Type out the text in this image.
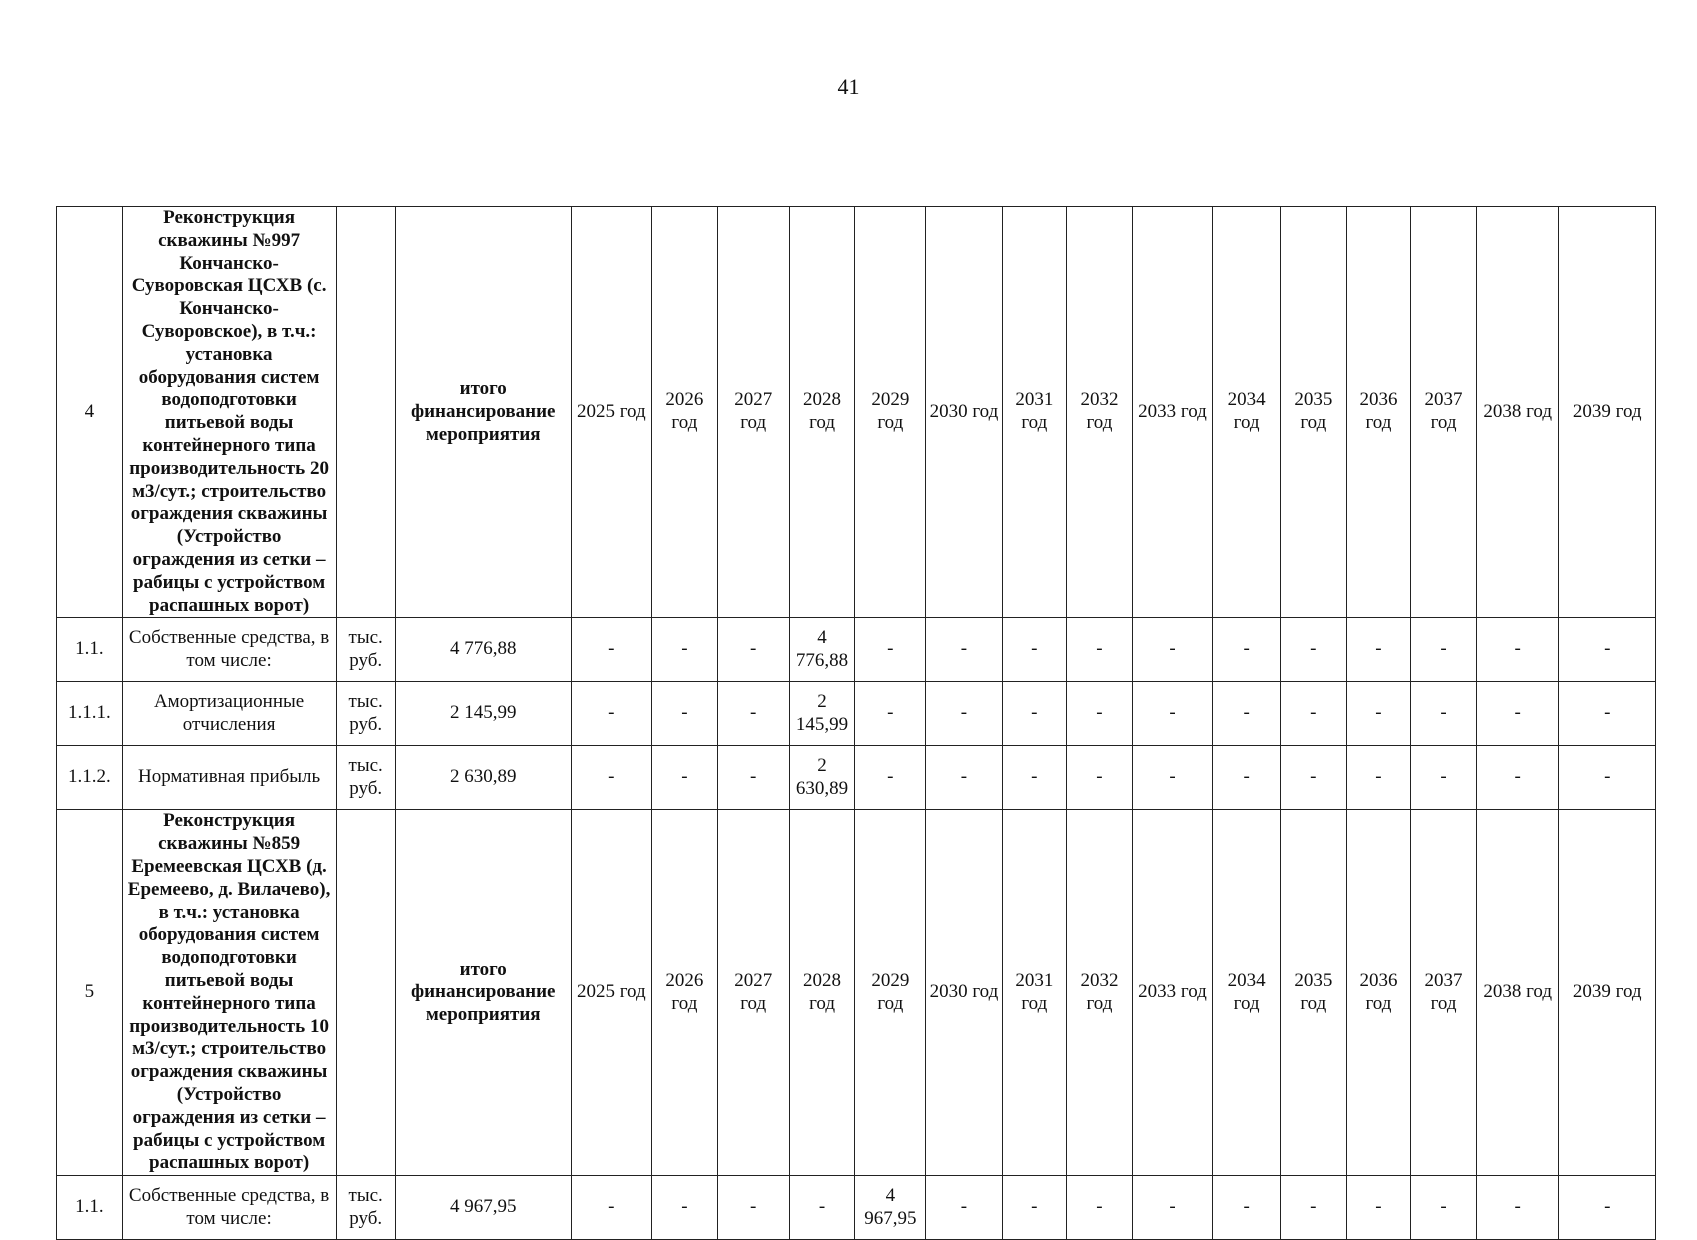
41
4	Реконструкция скважины №997 Кончанско-Суворовская ЦСХВ (с. Кончанско-Суворовское), в т.ч.: установка оборудования систем водоподготовки питьевой воды контейнерного типа производительность 20 м3/сут.; строительство ограждения скважины (Устройство ограждения из сетки – рабицы с устройством распашных ворот)		итого финансирование мероприятия	2025 год	2026 год	2027 год	2028 год	2029 год	2030 год	2031 год	2032 год	2033 год	2034 год	2035 год	2036 год	2037 год	2038 год	2039 год
1.1.	Собственные средства, в том числе:	тыс. руб.	4 776,88	-	-	-	4 776,88	-	-	-	-	-	-	-	-	-	-	-
1.1.1.	Амортизационные отчисления	тыс. руб.	2 145,99	-	-	-	2 145,99	-	-	-	-	-	-	-	-	-	-	-
1.1.2.	Нормативная прибыль	тыс. руб.	2 630,89	-	-	-	2 630,89	-	-	-	-	-	-	-	-	-	-	-
5	Реконструкция скважины №859 Еремеевская ЦСХВ (д. Еремеево, д. Вилачево), в т.ч.: установка оборудования систем водоподготовки питьевой воды контейнерного типа производительность 10 м3/сут.; строительство ограждения скважины (Устройство ограждения из сетки – рабицы с устройством распашных ворот)		итого финансирование мероприятия	2025 год	2026 год	2027 год	2028 год	2029 год	2030 год	2031 год	2032 год	2033 год	2034 год	2035 год	2036 год	2037 год	2038 год	2039 год
1.1.	Собственные средства, в том числе:	тыс. руб.	4 967,95	-	-	-	-	4 967,95	-	-	-	-	-	-	-	-	-	-
